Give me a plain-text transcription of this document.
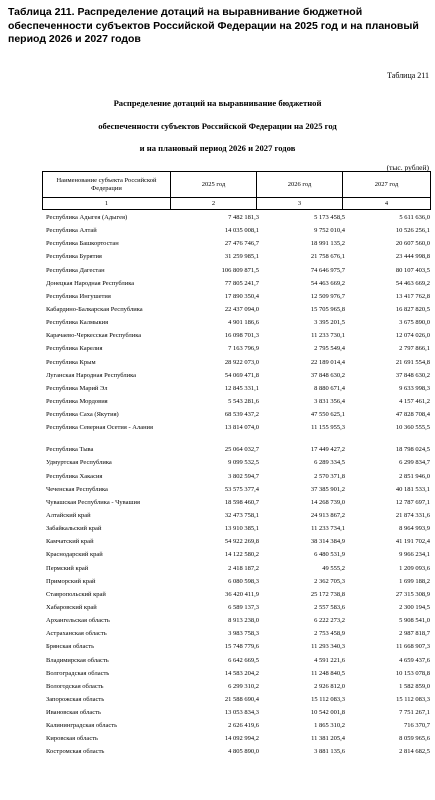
Таблица 211. Распределение дотаций на выравнивание бюджетной обеспеченности субъектов Российской Федерации на 2025 год и на плановый период 2026 и 2027 годов
Таблица 211
Распределение дотаций на выравнивание бюджетной
обеспеченности субъектов Российской Федерации на 2025 год
и на плановый период 2026 и 2027 годов
(тыс. рублей)
Наименование субъекта Российской Федерации	2025 год	2026 год	2027 год
1	2	3	4
Республика Адыгея (Адыгея)	7 482 181,3	5 173 458,5	5 611 636,0
Республика Алтай	14 035 008,1	9 752 010,4	10 526 256,1
Республика Башкортостан	27 476 746,7	18 991 135,2	20 607 560,0
Республика Бурятия	31 259 985,1	21 758 676,1	23 444 998,8
Республика Дагестан	106 809 871,5	74 646 975,7	80 107 403,5
Донецкая Народная Республика	77 805 241,7	54 463 669,2	54 463 669,2
Республика Ингушетия	17 890 350,4	12 509 976,7	13 417 762,8
Кабардино-Балкарская Республика	22 437 094,0	15 705 965,8	16 827 820,5
Республика Калмыкия	4 901 186,6	3 395 201,5	3 675 890,0
Карачаево-Черкесская Республика	16 098 701,3	11 233 730,1	12 074 026,0
Республика Карелия	7 163 796,9	2 795 549,4	2 797 866,1
Республика Крым	28 922 073,0	22 189 014,4	21 691 554,8
Луганская Народная Республика	54 069 471,8	37 848 630,2	37 848 630,2
Республика Марий Эл	12 845 331,1	8 880 671,4	9 633 998,3
Республика Мордовия	5 543 281,6	3 831 356,4	4 157 461,2
Республика Саха (Якутия)	68 539 437,2	47 550 625,1	47 828 708,4
Республика Северная Осетия - Алания	13 814 074,0	11 155 955,3	10 360 555,5
Республика Тыва	25 064 032,7	17 449 427,2	18 798 024,5
Удмуртская Республика	9 099 532,5	6 289 334,5	6 299 834,7
Республика Хакасия	3 802 594,7	2 570 371,8	2 851 946,0
Чеченская Республика	53 575 377,4	37 385 901,2	40 181 533,1
Чувашская Республика - Чувашия	18 598 460,7	14 268 739,0	12 787 697,1
Алтайский край	32 473 758,1	24 913 867,2	21 874 331,6
Забайкальский край	13 910 385,1	11 233 734,1	8 964 993,9
Камчатский край	54 922 269,8	38 314 384,9	41 191 702,4
Краснодарский край	14 122 580,2	6 480 531,9	9 966 234,1
Пермский край	2 418 187,2	49 555,2	1 209 093,6
Приморский край	6 080 598,3	2 362 705,3	1 699 188,2
Ставропольский край	36 420 411,9	25 172 738,8	27 315 308,9
Хабаровский край	6 589 137,3	2 557 583,6	2 300 194,5
Архангельская область	8 913 238,0	6 222 273,2	5 908 541,0
Астраханская область	3 983 758,3	2 753 458,9	2 987 818,7
Брянская область	15 748 779,6	11 293 340,3	11 668 907,3
Владимирская область	6 642 669,5	4 591 221,6	4 659 437,6
Волгоградская область	14 583 204,2	11 248 840,5	10 153 078,8
Вологодская область	6 299 310,2	2 926 812,0	1 582 859,0
Запорожская область	21 588 690,4	15 112 083,3	15 112 083,3
Ивановская область	13 053 834,3	10 542 001,8	7 751 267,1
Калининградская область	2 626 419,6	1 865 310,2	716 370,7
Кировская область	14 092 994,2	11 381 205,4	8 059 965,6
Костромская область	4 805 890,0	3 881 135,6	2 814 682,5
